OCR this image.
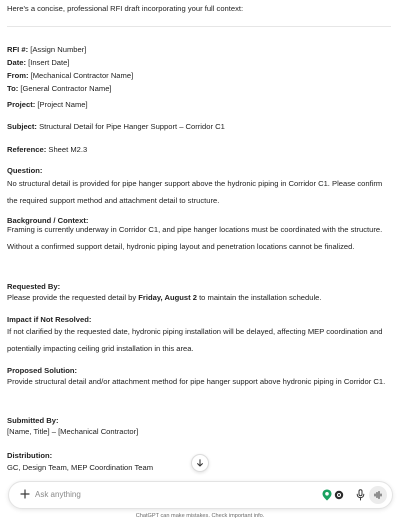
Here's a concise, professional RFI draft incorporating your full context:
RFI #: [Assign Number]
Date: [Insert Date]
From: [Mechanical Contractor Name]
To: [General Contractor Name]
Project: [Project Name]
Subject: Structural Detail for Pipe Hanger Support – Corridor C1
Reference: Sheet M2.3
Question:
No structural detail is provided for pipe hanger support above the hydronic piping in Corridor C1. Please confirm the required support method and attachment detail to structure.
Background / Context:
Framing is currently underway in Corridor C1, and pipe hanger locations must be coordinated with the structure. Without a confirmed support detail, hydronic piping layout and penetration locations cannot be finalized.
Requested By:
Please provide the requested detail by Friday, August 2 to maintain the installation schedule.
Impact if Not Resolved:
If not clarified by the requested date, hydronic piping installation will be delayed, affecting MEP coordination and potentially impacting ceiling grid installation in this area.
Proposed Solution:
Provide structural detail and/or attachment method for pipe hanger support above hydronic piping in Corridor C1.
Submitted By:
[Name, Title] – [Mechanical Contractor]
Distribution:
GC, Design Team, MEP Coordination Team
Ask anything
ChatGPT can make mistakes. Check important info.
